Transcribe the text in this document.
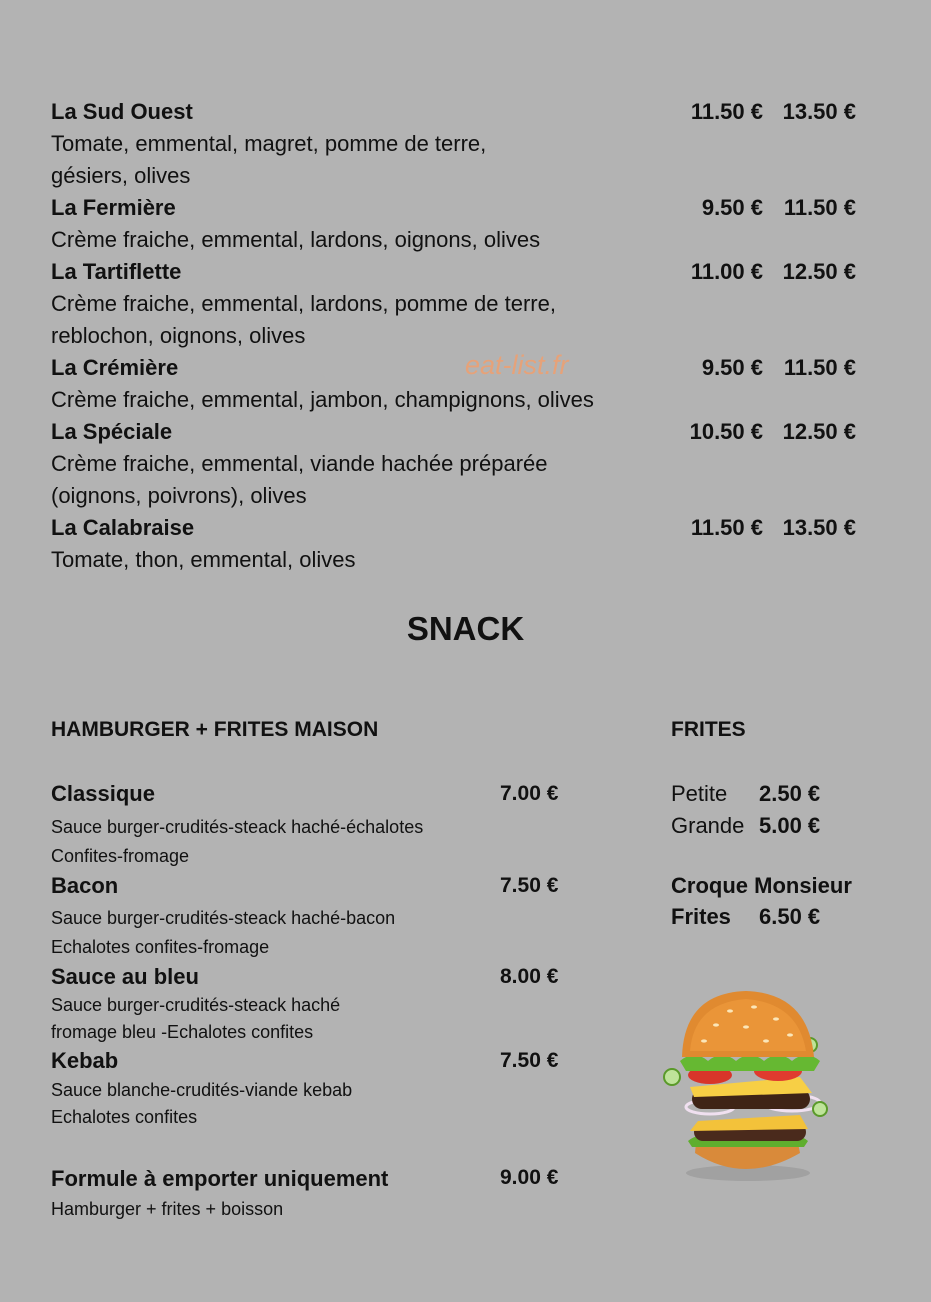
La Sud Ouest	11.50 € 13.50 €
Tomate, emmental, magret, pomme de terre,
gésiers, olives
La Fermière	9.50 € 11.50 €
Crème fraiche, emmental, lardons, oignons, olives
La Tartiflette	11.00 € 12.50 €
Crème fraiche, emmental, lardons, pomme de terre,
reblochon, oignons, olives
La Crémière	9.50 € 11.50 €
Crème fraiche, emmental, jambon, champignons, olives
La Spéciale	10.50 € 12.50 €
Crème fraiche, emmental, viande hachée préparée
(oignons, poivrons), olives
La Calabraise	11.50 € 13.50 €
Tomate, thon, emmental, olives
eat-list.fr
SNACK
HAMBURGER + FRITES MAISON
Classique	7.00 €
Sauce burger-crudités-steack haché-échalotes
Confites-fromage
Bacon	7.50 €
Sauce burger-crudités-steack haché-bacon
Echalotes confites-fromage
Sauce au bleu	8.00 €
Sauce burger-crudités-steack haché
fromage bleu -Echalotes confites
Kebab	7.50 €
Sauce blanche-crudités-viande kebab
Echalotes confites
Formule à emporter uniquement	9.00 €
Hamburger + frites + boisson
FRITES
Petite 2.50 €
Grande 5.00 €
Croque Monsieur
Frites 6.50 €
